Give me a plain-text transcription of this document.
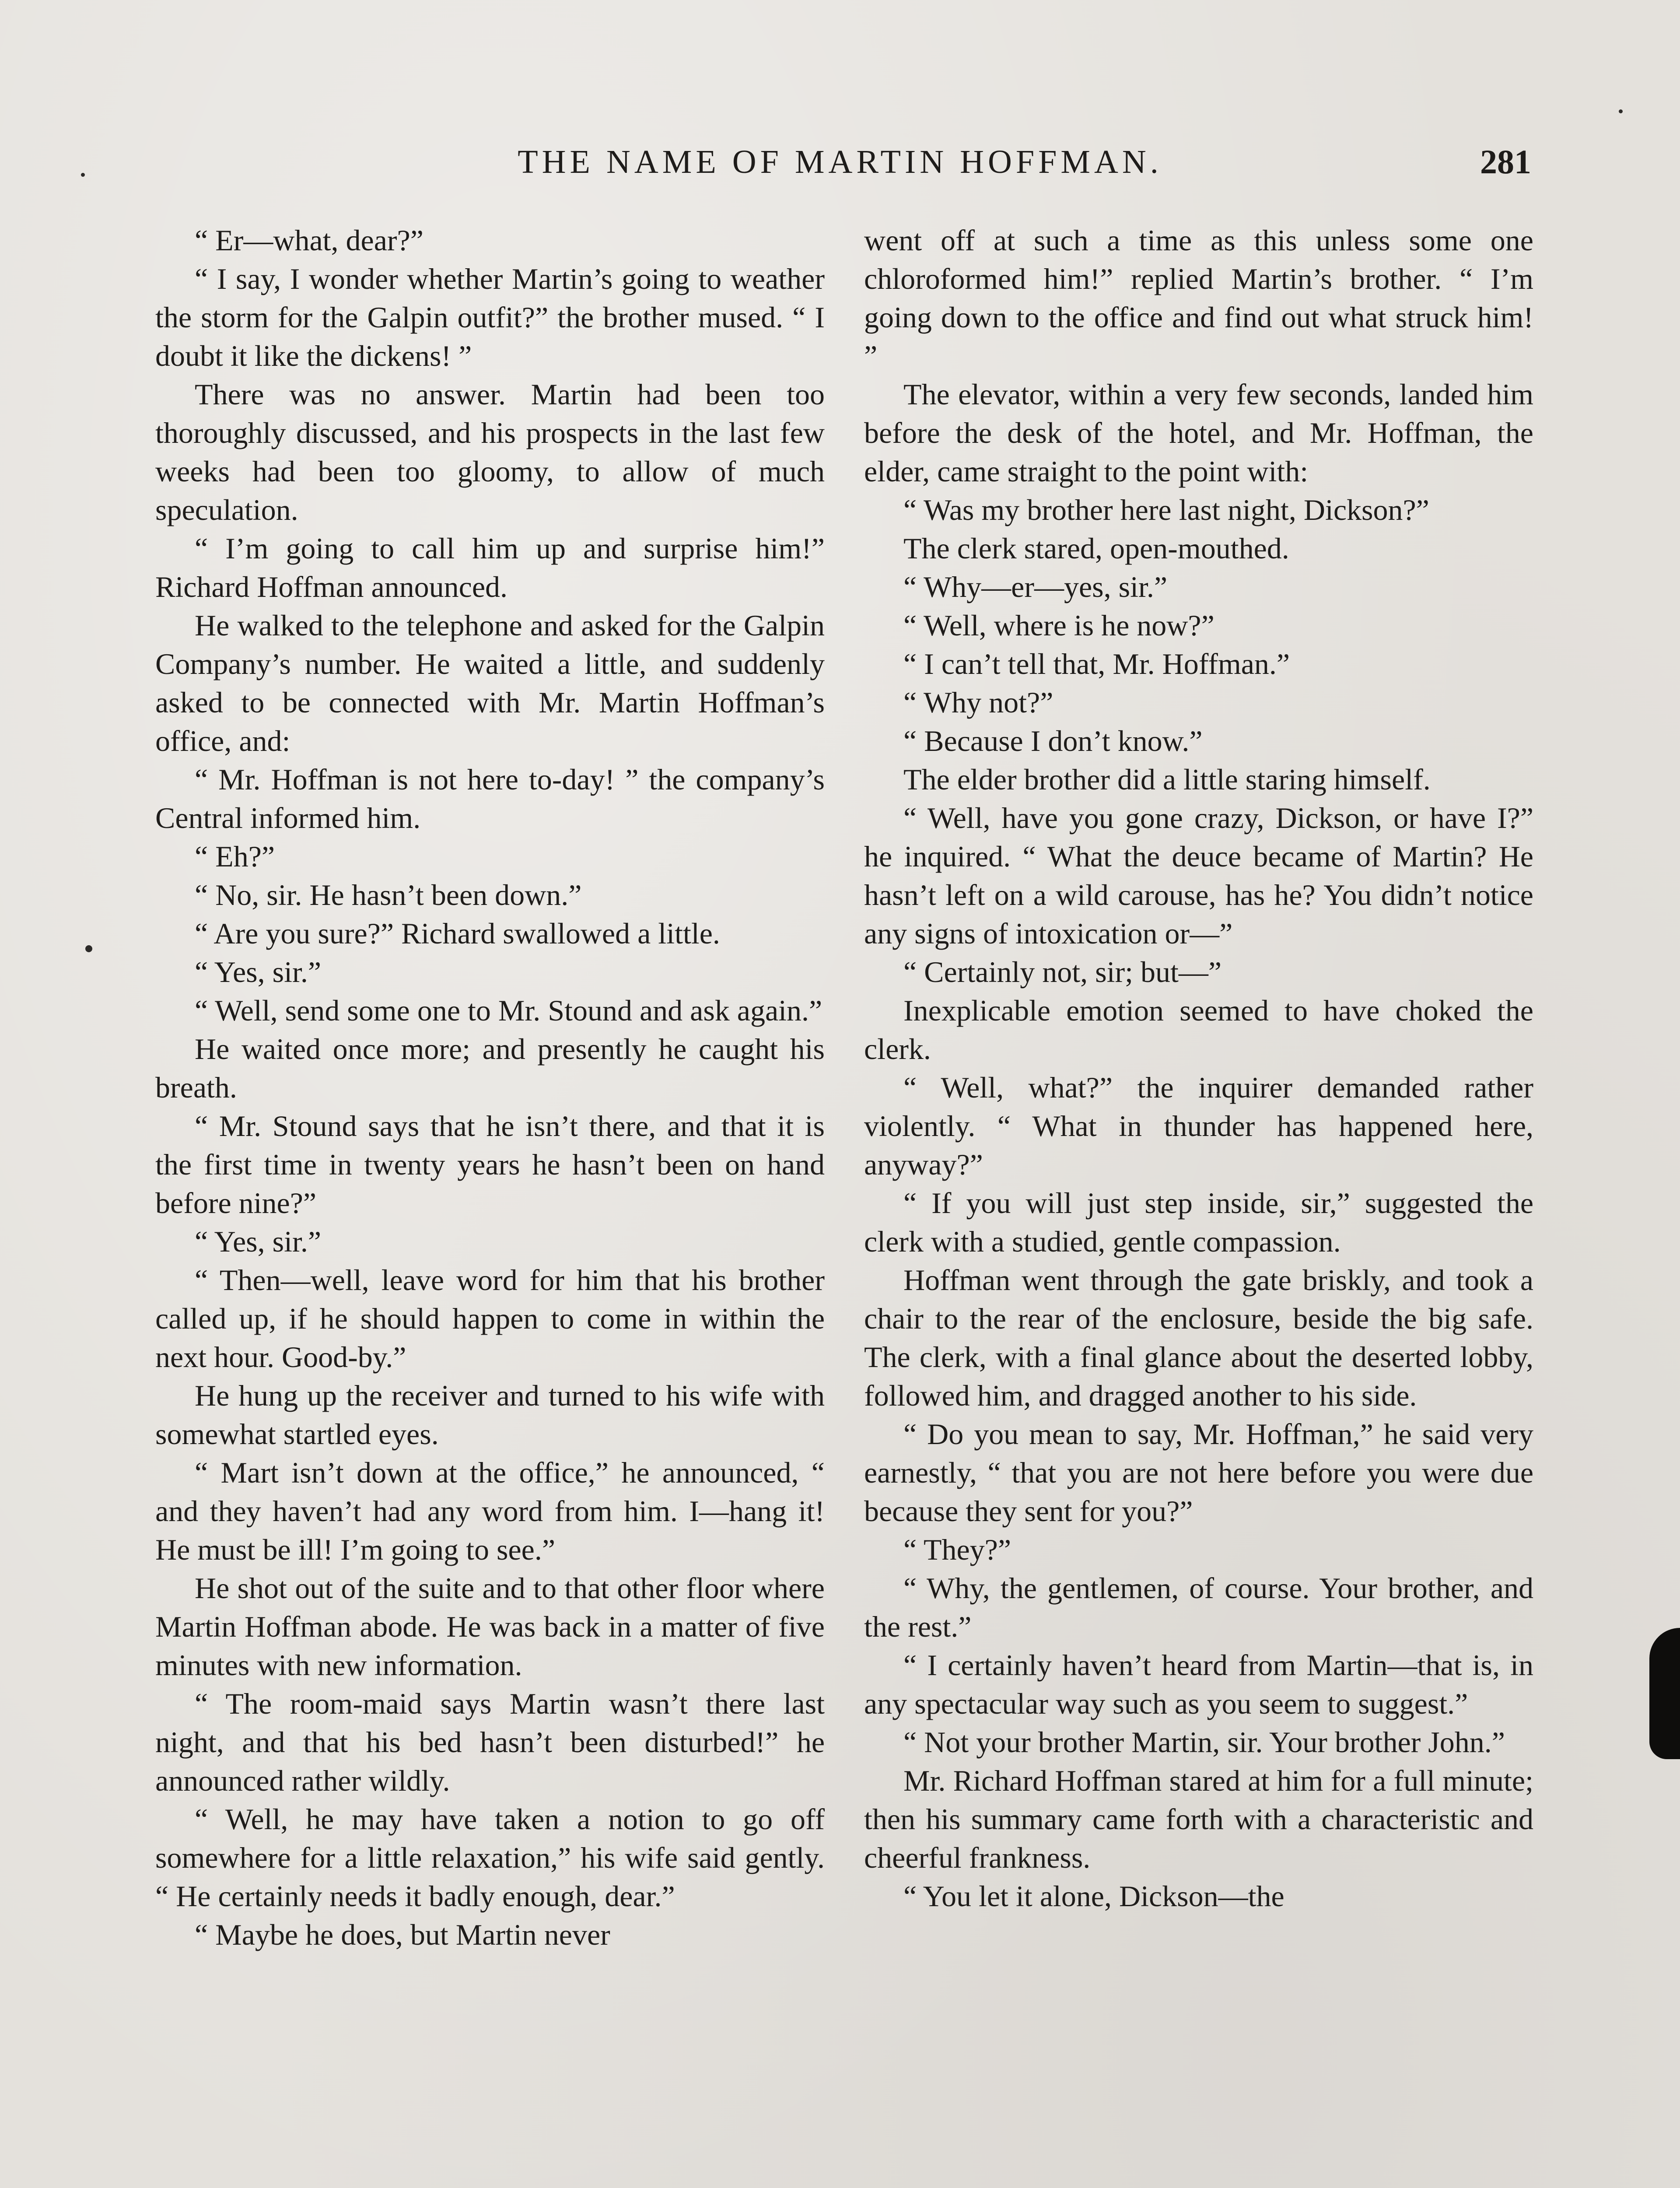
THE NAME OF MARTIN HOFFMAN.	281

“ Er—what, dear?”

“ I say, I wonder whether Martin’s going to weather the storm for the Galpin outfit?” the brother mused. “ I doubt it like the dickens! ”

There was no answer. Martin had been too thoroughly discussed, and his prospects in the last few weeks had been too gloomy, to allow of much speculation.

“ I’m going to call him up and surprise him!” Richard Hoffman announced.

He walked to the telephone and asked for the Galpin Company’s number. He waited a little, and suddenly asked to be connected with Mr. Martin Hoffman’s office, and:

“ Mr. Hoffman is not here to-day! ” the company’s Central informed him.

“ Eh?”

“ No, sir. He hasn’t been down.”

“ Are you sure?” Richard swallowed a little.

“ Yes, sir.”

“ Well, send some one to Mr. Stound and ask again.”

He waited once more; and presently he caught his breath.

“ Mr. Stound says that he isn’t there, and that it is the first time in twenty years he hasn’t been on hand before nine?”

“ Yes, sir.”

“ Then—well, leave word for him that his brother called up, if he should happen to come in within the next hour. Good-by.”

He hung up the receiver and turned to his wife with somewhat startled eyes.

“ Mart isn’t down at the office,” he announced, “ and they haven’t had any word from him. I—hang it! He must be ill! I’m going to see.”

He shot out of the suite and to that other floor where Martin Hoffman abode. He was back in a matter of five minutes with new information.

“ The room-maid says Martin wasn’t there last night, and that his bed hasn’t been disturbed!” he announced rather wildly.

“ Well, he may have taken a notion to go off somewhere for a little relaxation,” his wife said gently. “ He certainly needs it badly enough, dear.”

“ Maybe he does, but Martin never

went off at such a time as this unless some one chloroformed him!” replied Martin’s brother. “ I’m going down to the office and find out what struck him! ”

The elevator, within a very few seconds, landed him before the desk of the hotel, and Mr. Hoffman, the elder, came straight to the point with:

“ Was my brother here last night, Dickson?”

The clerk stared, open-mouthed.

“ Why—er—yes, sir.”

“ Well, where is he now?”

“ I can’t tell that, Mr. Hoffman.”

“ Why not?”

“ Because I don’t know.”

The elder brother did a little staring himself.

“ Well, have you gone crazy, Dickson, or have I?” he inquired. “ What the deuce became of Martin? He hasn’t left on a wild carouse, has he? You didn’t notice any signs of intoxication or—”

“ Certainly not, sir; but—”

Inexplicable emotion seemed to have choked the clerk.

“ Well, what?” the inquirer demanded rather violently. “ What in thunder has happened here, anyway?”

“ If you will just step inside, sir,” suggested the clerk with a studied, gentle compassion.

Hoffman went through the gate briskly, and took a chair to the rear of the enclosure, beside the big safe. The clerk, with a final glance about the deserted lobby, followed him, and dragged another to his side.

“ Do you mean to say, Mr. Hoffman,” he said very earnestly, “ that you are not here before you were due because they sent for you?”

“ They?”

“ Why, the gentlemen, of course. Your brother, and the rest.”

“ I certainly haven’t heard from Martin—that is, in any spectacular way such as you seem to suggest.”

“ Not your brother Martin, sir. Your brother John.”

Mr. Richard Hoffman stared at him for a full minute; then his summary came forth with a characteristic and cheerful frankness.

“ You let it alone, Dickson—the
